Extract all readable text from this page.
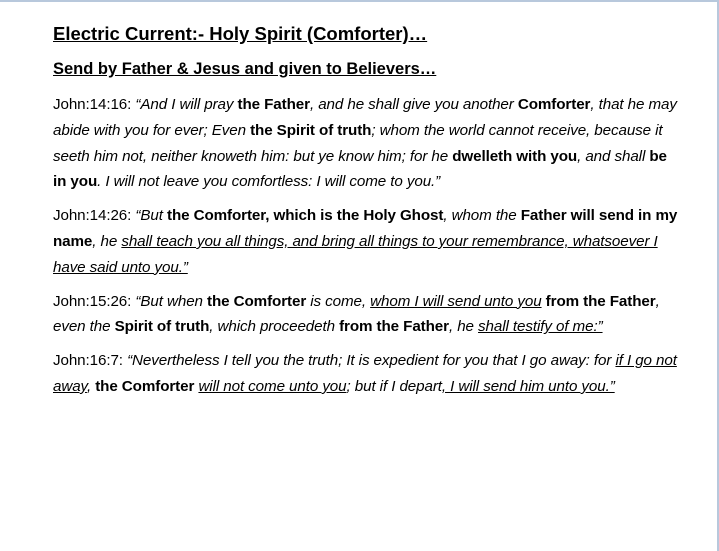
Electric Current:- Holy Spirit (Comforter)…
Send by Father & Jesus and given to Believers…

John:14:16: “And I will pray the Father, and he shall give you another Comforter, that he may abide with you for ever; Even the Spirit of truth; whom the world cannot receive, because it seeth him not, neither knoweth him: but ye know him; for he dwelleth with you, and shall be in you. I will not leave you comfortless: I will come to you.”

John:14:26: “But the Comforter, which is the Holy Ghost, whom the Father will send in my name, he shall teach you all things, and bring all things to your remembrance, whatsoever I have said unto you.”

John:15:26: “But when the Comforter is come, whom I will send unto you from the Father, even the Spirit of truth, which proceedeth from the Father, he shall testify of me:”

John:16:7: “Nevertheless I tell you the truth; It is expedient for you that I go away: for if I go not away, the Comforter will not come unto you; but if I depart, I will send him unto you.”
